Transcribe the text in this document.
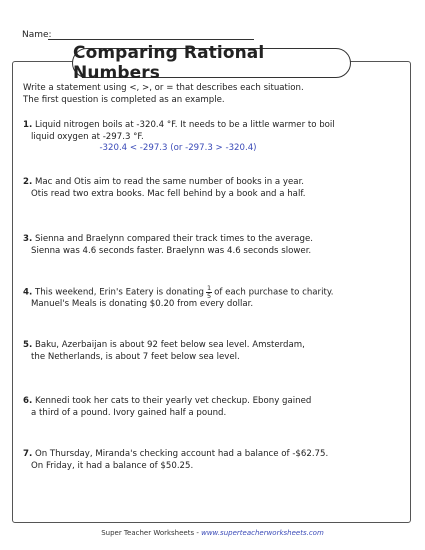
Name:
Comparing Rational Numbers

Write a statement using <, >, or = that describes each situation.

The first question is completed as an example.

1. Liquid nitrogen boils at -320.4 °F. It needs to be a little warmer to boil

liquid oxygen at -297.3 °F.

-320.4 < -297.3 (or -297.3 > -320.4)

2. Mac and Otis aim to read the same number of books in a year.

Otis read two extra books. Mac fell behind by a book and a half.

3. Sienna and Braelynn compared their track times to the average.

Sienna was 4.6 seconds faster. Braelynn was 4.6 seconds slower.

4. This weekend, Erin's Eatery is donating $\frac{1}{5}$ of each purchase to charity.

Manuel's Meals is donating $0.20 from every dollar.

5. Baku, Azerbaijan is about 92 feet below sea level. Amsterdam,

the Netherlands, is about 7 feet below sea level.

6. Kennedi took her cats to their yearly vet checkup. Ebony gained

a third of a pound. Ivory gained half a pound.

7. On Thursday, Miranda's checking account had a balance of -$62.75.

On Friday, it had a balance of $50.25.

Super Teacher Worksheets - www.superteacherworksheets.com
